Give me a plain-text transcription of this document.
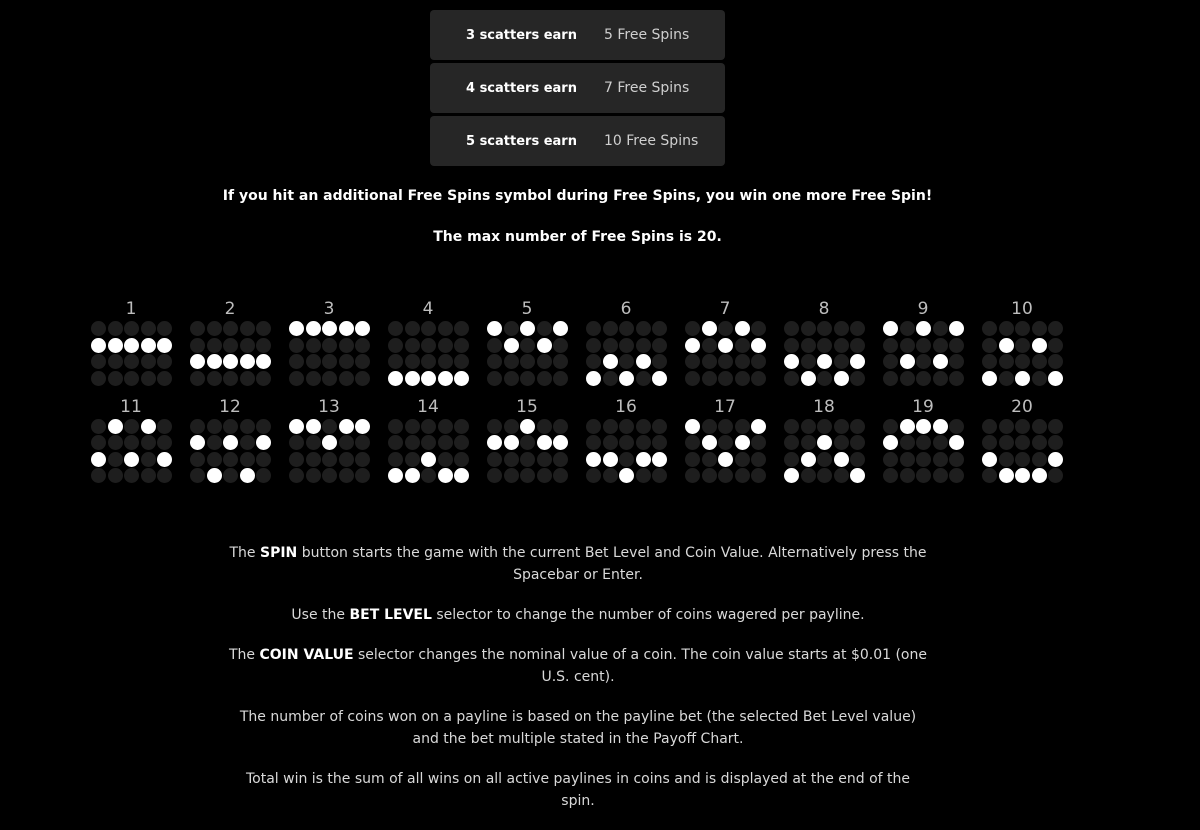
3 scatters earn	5 Free Spins
4 scatters earn	7 Free Spins
5 scatters earn	10 Free Spins
If you hit an additional Free Spins symbol during Free Spins, you win one more Free Spin!
The max number of Free Spins is 20.
1	2	3	4	5	6	7	8	9	10
11	12	13	14	15	16	17	18	19	20

The SPIN button starts the game with the current Bet Level and Coin Value. Alternatively press the Spacebar or Enter.

Use the BET LEVEL selector to change the number of coins wagered per payline.

The COIN VALUE selector changes the nominal value of a coin. The coin value starts at $0.01 (one U.S. cent).

The number of coins won on a payline is based on the payline bet (the selected Bet Level value) and the bet multiple stated in the Payoff Chart.

Total win is the sum of all wins on all active paylines in coins and is displayed at the end of the spin.
